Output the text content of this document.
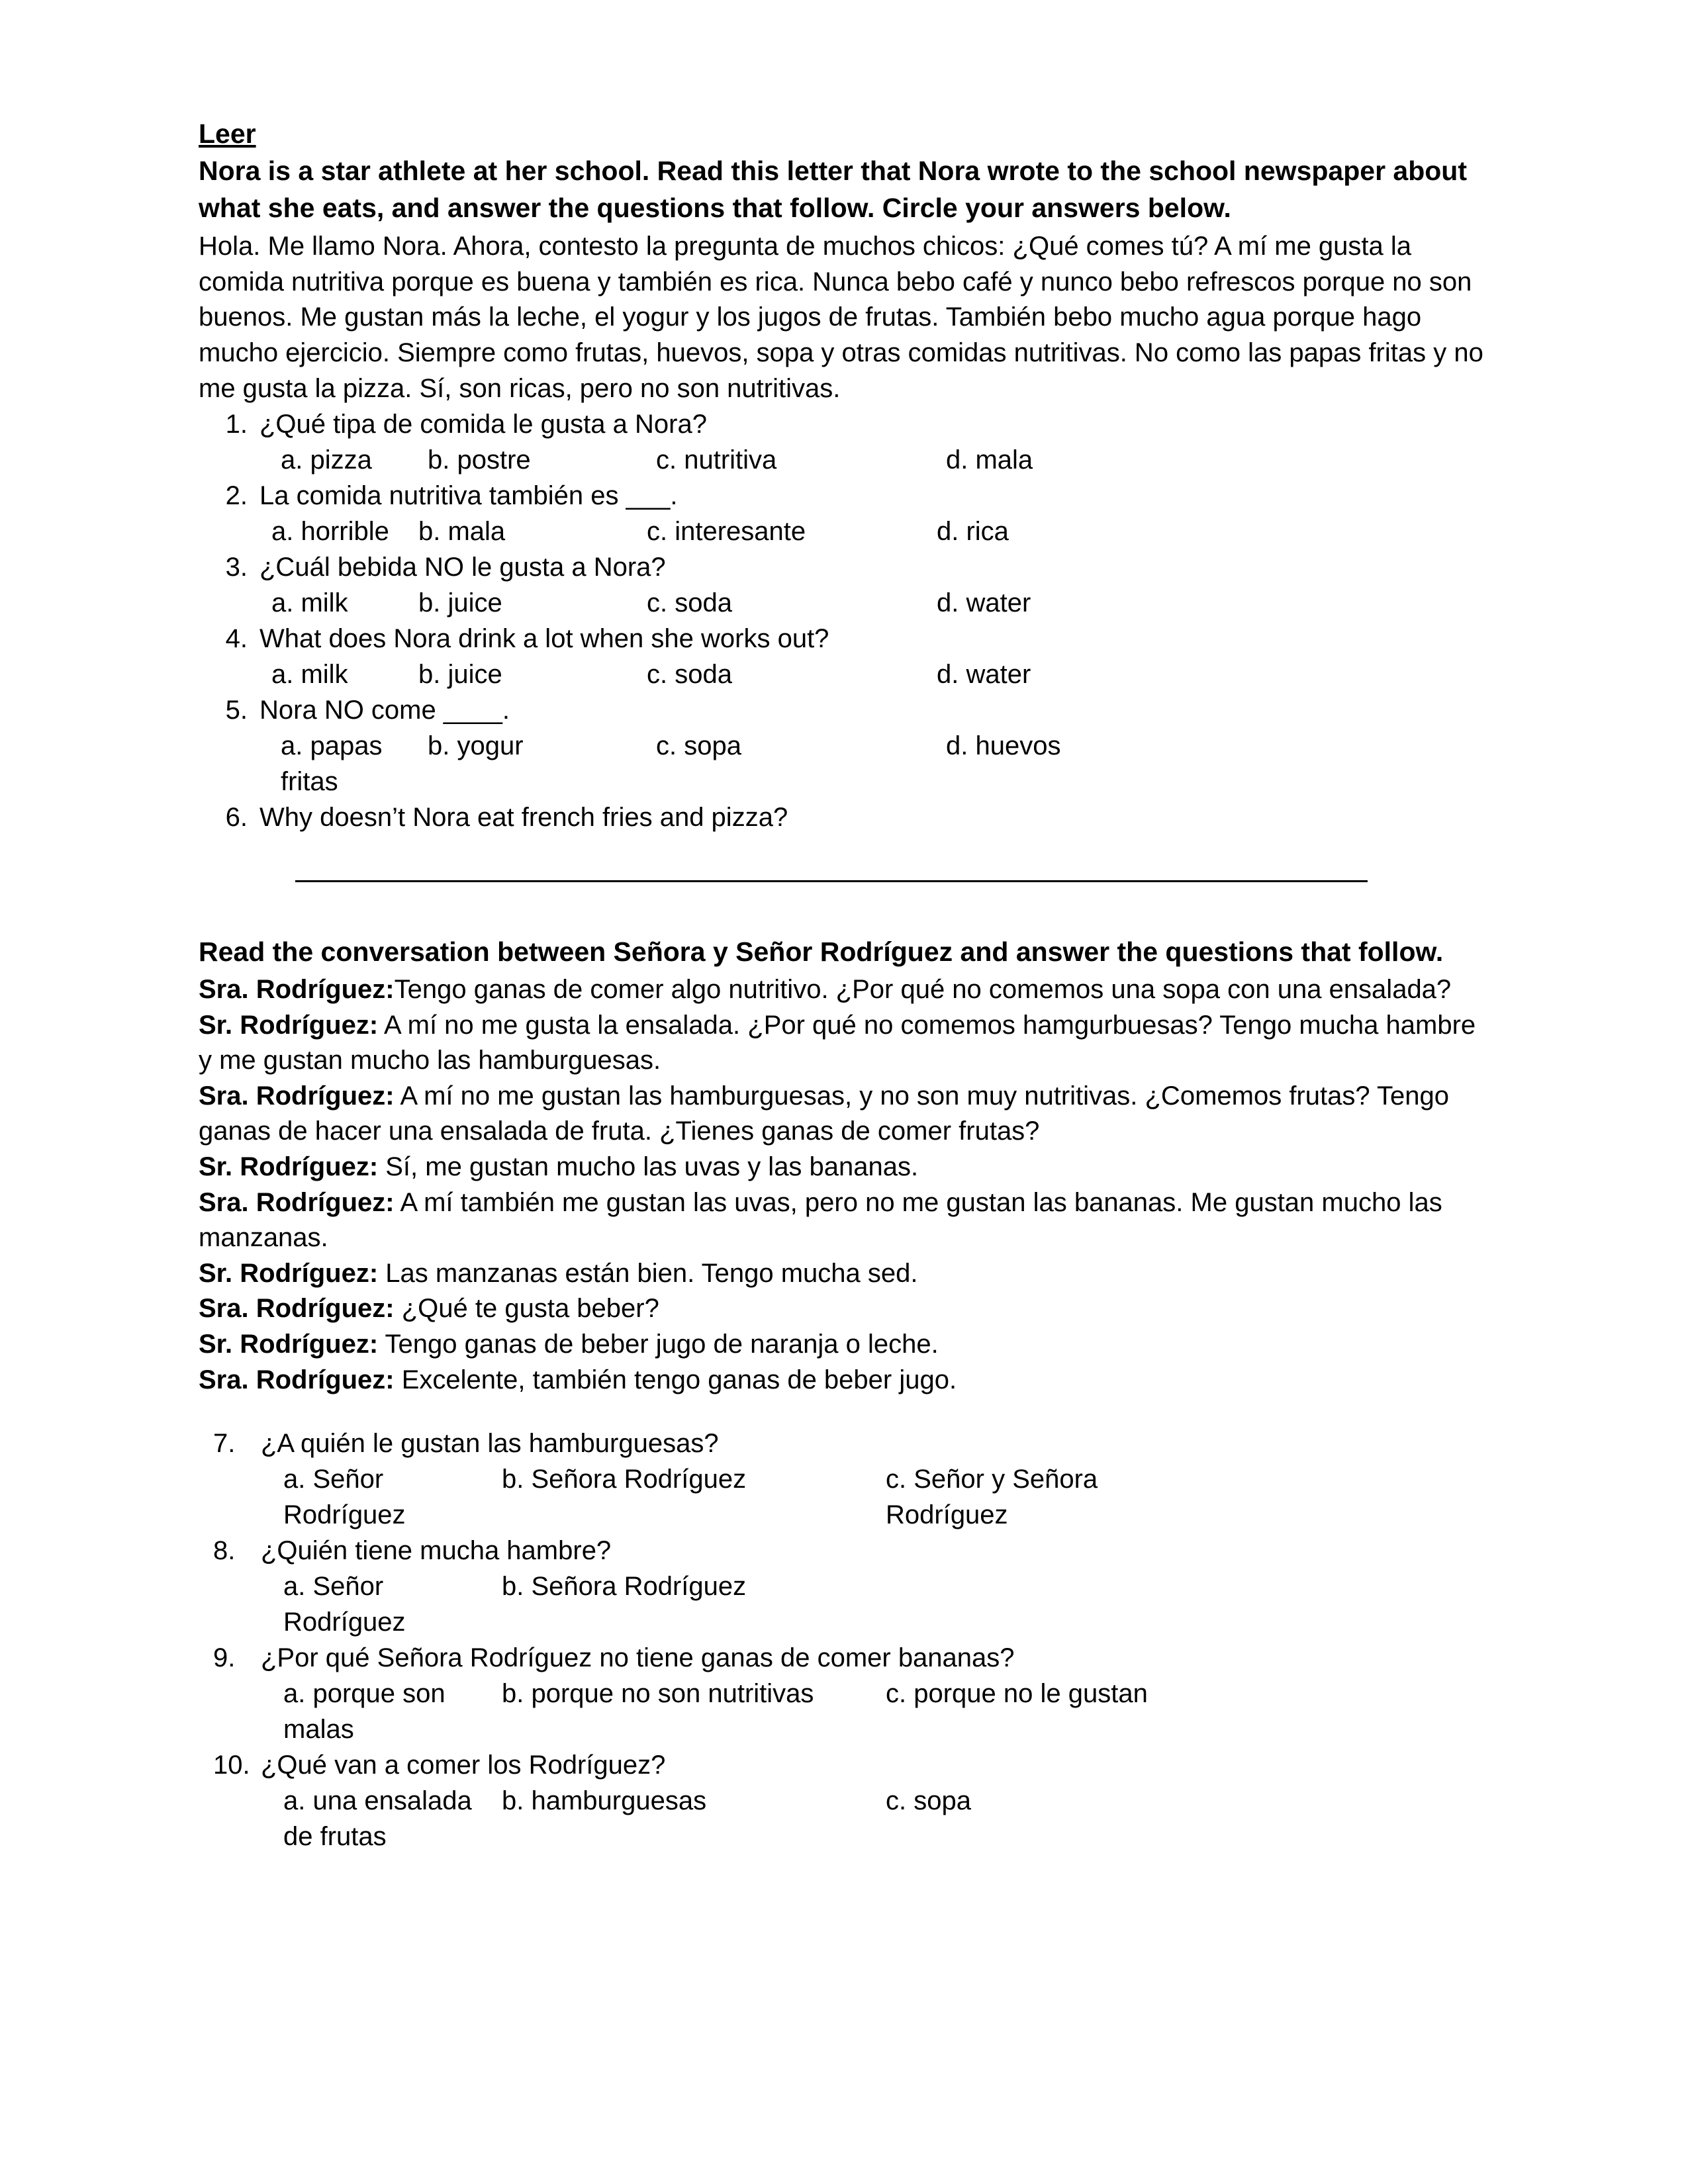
Leer
Nora is a star athlete at her school. Read this letter that Nora wrote to the school newspaper about what she eats, and answer the questions that follow. Circle your answers below.

Hola. Me llamo Nora. Ahora, contesto la pregunta de muchos chicos: ¿Qué comes tú? A mí me gusta la comida nutritiva porque es buena y también es rica. Nunca bebo café y nunco bebo refrescos porque no son buenos. Me gustan más la leche, el yogur y los jugos de frutas. También bebo mucho agua porque hago mucho ejercicio. Siempre como frutas, huevos, sopa y otras comidas nutritivas. No como las papas fritas y no me gusta la pizza. Sí, son ricas, pero no son nutritivas.

1. ¿Qué tipa de comida le gusta a Nora?
a. pizza	b. postre	c. nutritiva	d. mala
2. La comida nutritiva también es ___.
a. horrible	b. mala	c. interesante	d. rica
3. ¿Cuál bebida NO le gusta a Nora?
a. milk	b. juice	c. soda	d. water
4. What does Nora drink a lot when she works out?
a. milk	b. juice	c. soda	d. water
5. Nora NO come ____.
a. papas fritas
b. yogur	c. sopa	d. huevos
6. Why doesn’t Nora eat french fries and pizza?
Read the conversation between Señora y Señor Rodríguez and answer the questions that follow.
Sra. Rodríguez:Tengo ganas de comer algo nutritivo. ¿Por qué no comemos una sopa con una ensalada?
Sr. Rodríguez: A mí no me gusta la ensalada. ¿Por qué no comemos hamgurbuesas? Tengo mucha hambre y me gustan mucho las hamburguesas.
Sra. Rodríguez: A mí no me gustan las hamburguesas, y no son muy nutritivas. ¿Comemos frutas? Tengo ganas de hacer una ensalada de fruta. ¿Tienes ganas de comer frutas?
Sr. Rodríguez: Sí, me gustan mucho las uvas y las bananas.
Sra. Rodríguez: A mí también me gustan las uvas, pero no me gustan las bananas. Me gustan mucho las manzanas.
Sr. Rodríguez: Las manzanas están bien. Tengo mucha sed.
Sra. Rodríguez: ¿Qué te gusta beber?
Sr. Rodríguez: Tengo ganas de beber jugo de naranja o leche.
Sra. Rodríguez: Excelente, también tengo ganas de beber jugo.
7. ¿A quién le gustan las hamburguesas?
a. Señor Rodríguez
b. Señora Rodríguez	c. Señor y Señora Rodríguez
8. ¿Quién tiene mucha hambre?
a. Señor Rodríguez
b. Señora Rodríguez
9. ¿Por qué Señora Rodríguez no tiene ganas de comer bananas?
a. porque son malas
b. porque no son nutritivas	c. porque no le gustan
10. ¿Qué van a comer los Rodríguez?
a. una ensalada de frutas
b. hamburguesas	c. sopa
